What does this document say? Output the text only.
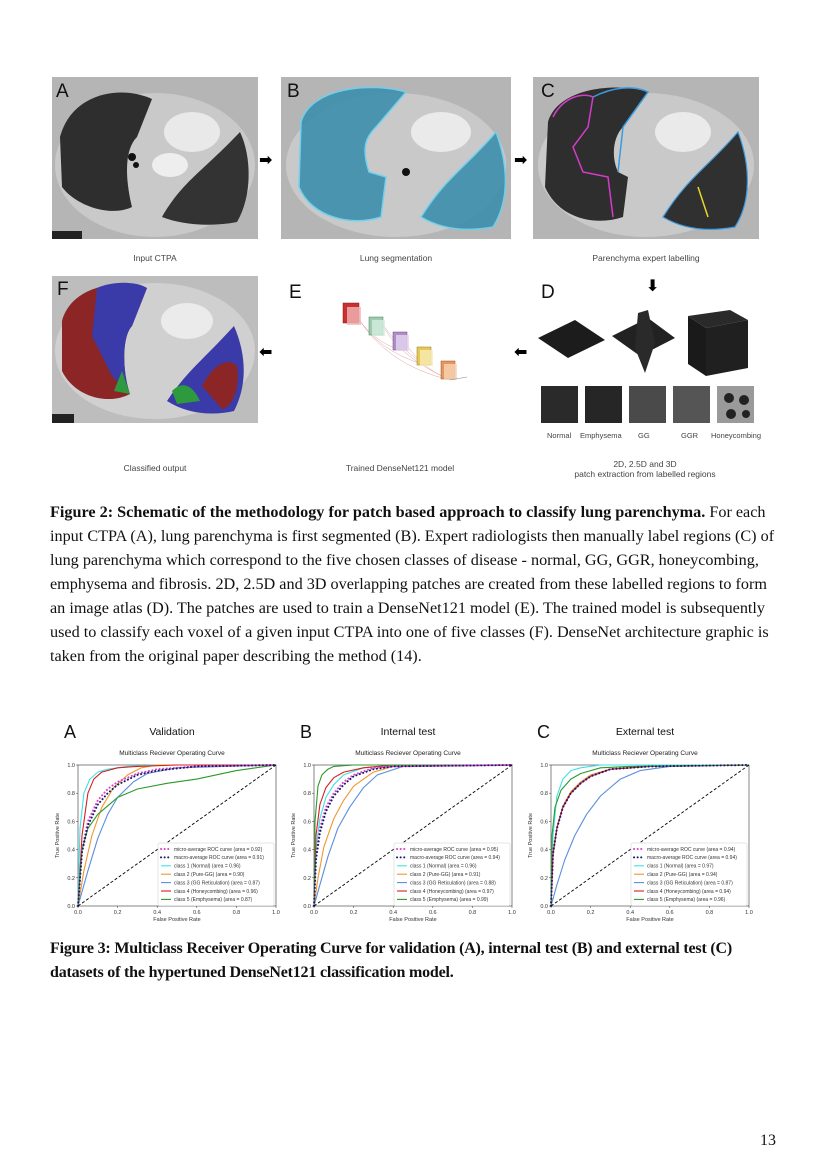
A
Input CTPA
➡
B
Lung segmentation
➡
C
Parenchyma expert labelling
F
Classified output
⬅
E
Trained DenseNet121 model
⬇
D
⬅
Normal Emphysema GG	GGR Honeycombing
2D, 2.5D and 3D
patch extraction from labelled regions
Figure 2: Schematic of the methodology for patch based approach to classify lung parenchyma. For each input CTPA (A), lung parenchyma is first segmented (B). Expert radiologists then manually label regions (C) of lung parenchyma which correspond to the five chosen classes of disease - normal, GG, GGR, honeycombing, emphysema and fibrosis. 2D, 2.5D and 3D overlapping patches are created from these labelled regions to form an image atlas (D). The patches are used to train a DenseNet121 model (E). The trained model is subsequently used to classify each voxel of a given input CTPA into one of five classes (F). DenseNet architecture graphic is taken from the original paper describing the method (14).
A	Validation
Multiclass Reciever Operating Curve
0.0	0.2	0.4	0.6	0.8	1.0
0.0
0.2
0.4
0.6
0.8
1.0
False Positive Rate
True Positive Rate	micro-average ROC curve (area = 0.92)
macro-average ROC curve (area = 0.91)
class 1 (Normal) (area = 0.96)
class 2 (Pure-GG) (area = 0.90)
class 3 (GG Reticulation) (area = 0.87)
class 4 (Honeycombing) (area = 0.96)
class 5 (Emphysema) (area = 0.87)
B	Internal test
Multiclass Reciever Operating Curve
0.0	0.2	0.4	0.6	0.8	1.0
0.0
0.2
0.4
0.6
0.8
1.0
False Positive Rate
True Positive Rate	micro-average ROC curve (area = 0.95)
macro-average ROC curve (area = 0.94)
class 1 (Normal) (area = 0.96)
class 2 (Pure-GG) (area = 0.91)
class 3 (GG Reticulation) (area = 0.88)
class 4 (Honeycombing) (area = 0.97)
class 5 (Emphysema) (area = 0.99)
C	External test
Multiclass Reciever Operating Curve
0.0	0.2	0.4	0.6	0.8	1.0
0.0
0.2
0.4
0.6
0.8
1.0
False Positive Rate
True Positive Rate	micro-average ROC curve (area = 0.94)
macro-average ROC curve (area = 0.94)
class 1 (Normal) (area = 0.97)
class 2 (Pure-GG) (area = 0.94)
class 3 (GG Reticulation) (area = 0.87)
class 4 (Honeycombing) (area = 0.94)
class 5 (Emphysema) (area = 0.96)
Figure 3: Multiclass Receiver Operating Curve for validation (A), internal test (B) and external test (C) datasets of the hypertuned DenseNet121 classification model.
13
